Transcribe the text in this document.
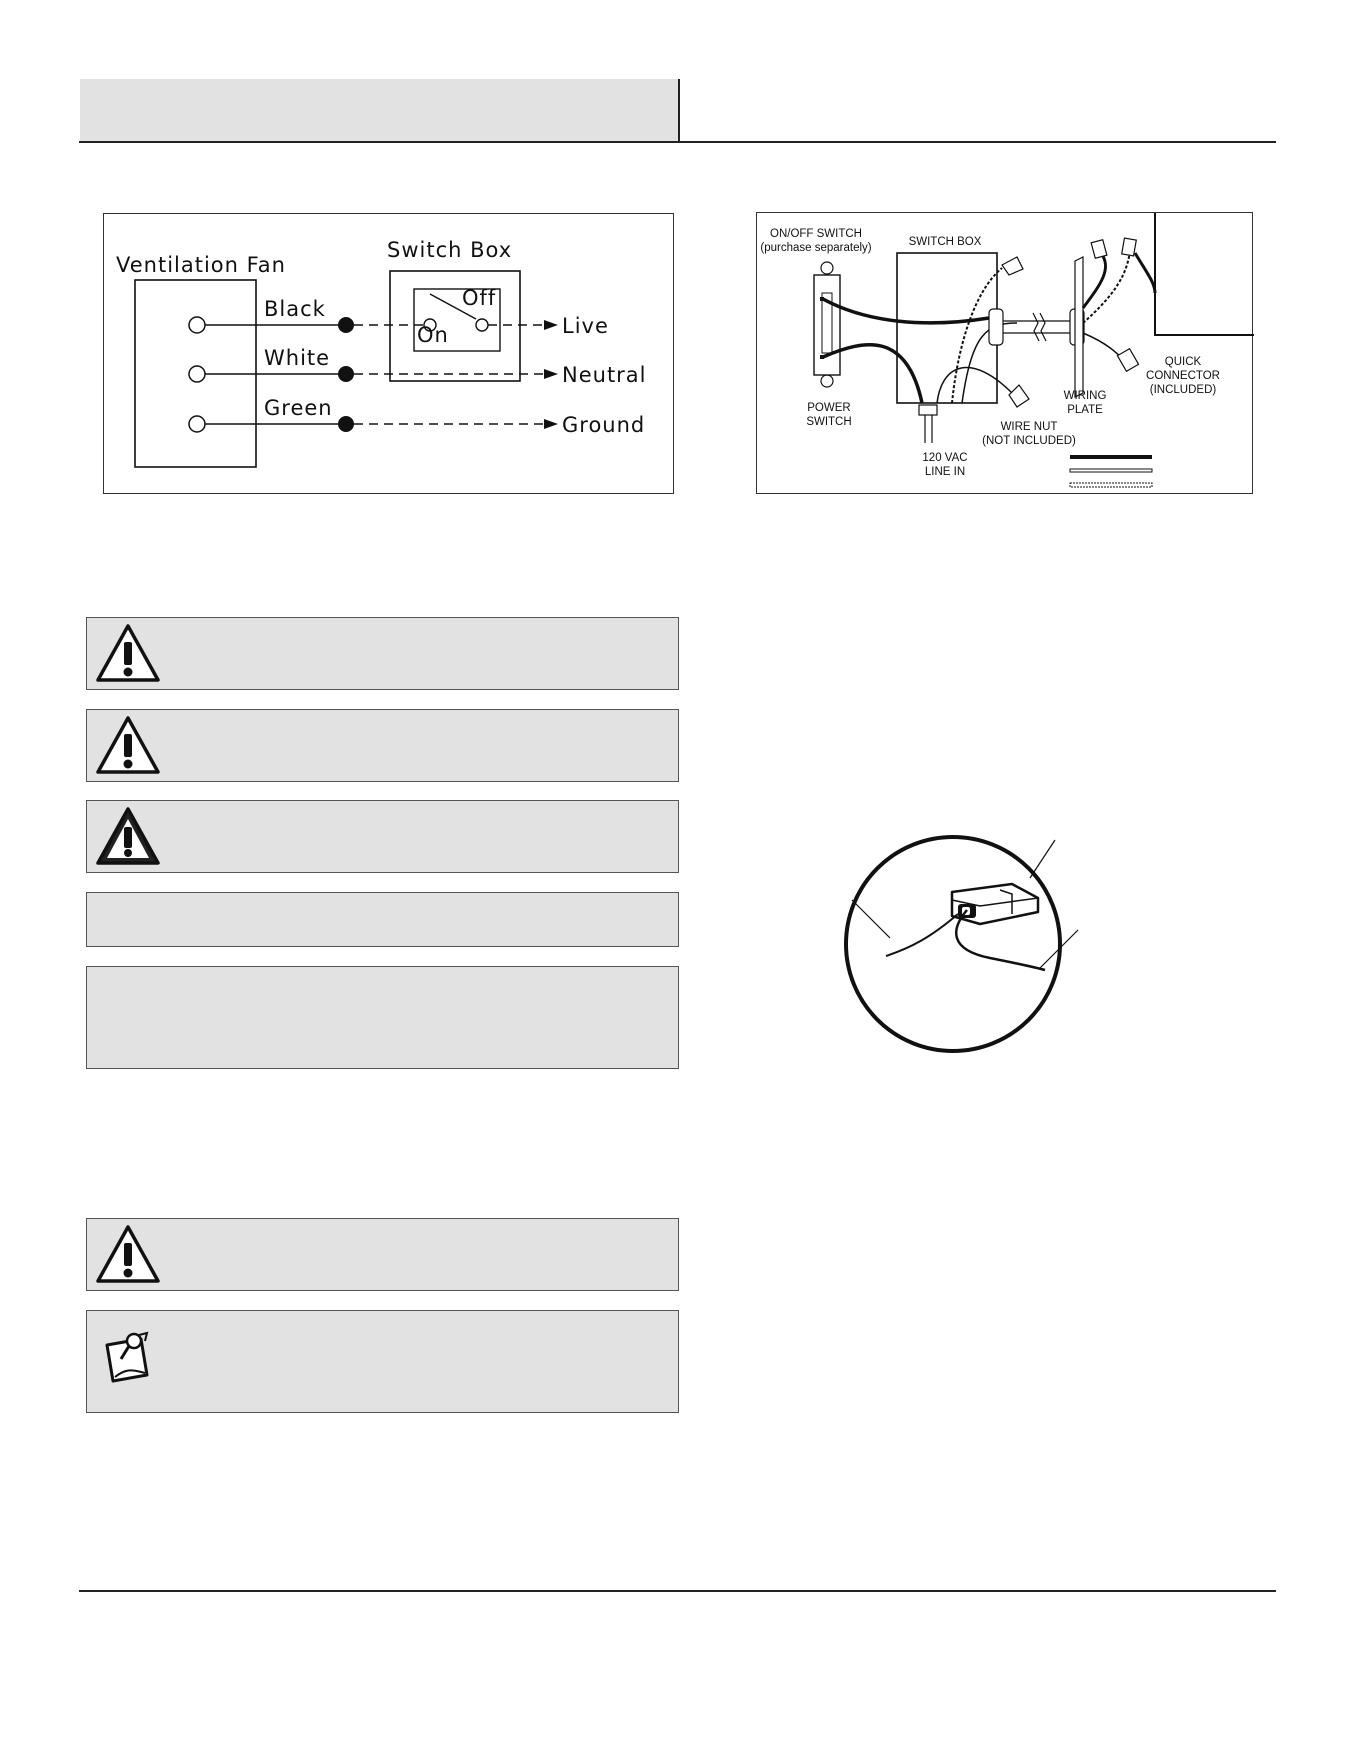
Ventilation Fan
Switch Box
Black
White
Green
Off
On	Live
Neutral
Ground
ON/OFF SWITCH
(purchase separately)	SWITCH BOX
POWER
SWITCH
120 VAC
LINE IN
WIRING
PLATE
QUICK
CONNECTOR
(INCLUDED)
WIRE NUT
(NOT INCLUDED)
